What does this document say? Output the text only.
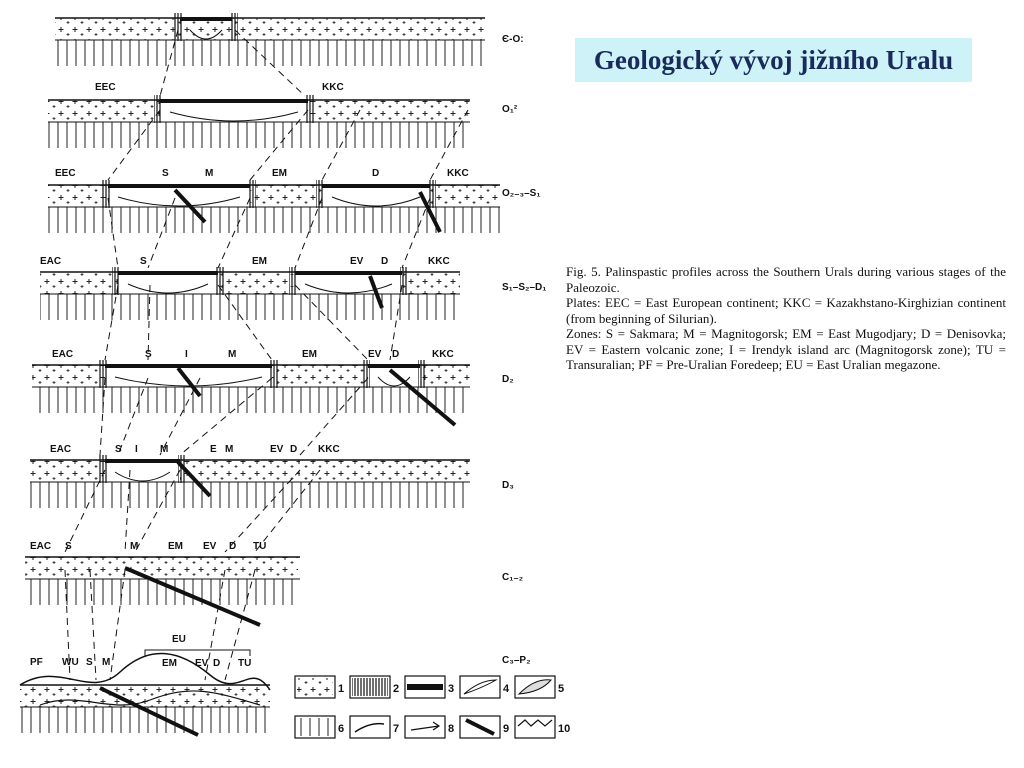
EEC	KKC
EEC	S	M	EM	D	KKC
EAC	S	EM	EV D	KKC
EAC	S	I	M	EM	EV D	KKC
EAC	S I M	E M	EV D KKC
EAC S	M	EM EV D TU
PF WU S M
EU
EM EV D TU
Є-O:
O₁²
O₂₋₃–S₁
S₁–S₂–D₁
D₂
D₃
C₁₋₂
C₃–P₂
1	2	3	4	5
6	7	8	9	10
Geologický vývoj jižního Uralu

Fig. 5. Palinspastic profiles across the Southern Urals during various stages of the Paleozoic.

Plates: EEC = East European continent; KKC = Kazakhstano-Kirghizian continent (from beginning of Silurian).

Zones: S = Sakmara; M = Magnitogorsk; EM = East Mugodjary; D = Denisovka; EV = Eastern volcanic zone; I = Irendyk island arc (Magnitogorsk zone); TU = Transuralian; PF = Pre-Uralian Foredeep; EU = East Uralian megazone.
